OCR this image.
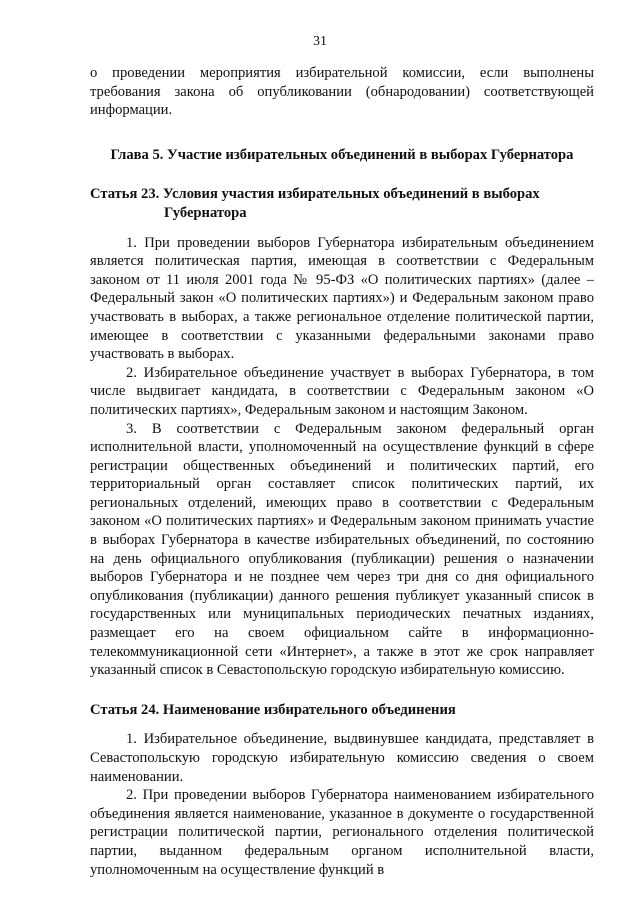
31

о проведении мероприятия избирательной комиссии, если выполнены требования закона об опубликовании (обнародовании) соответствующей информации.

Глава 5. Участие избирательных объединений в выборах Губернатора

Статья 23. Условия участия избирательных объединений в выборах Губернатора

1. При проведении выборов Губернатора избирательным объединением является политическая партия, имеющая в соответствии с Федеральным законом от 11 июля 2001 года № 95-ФЗ «О политических партиях» (далее – Федеральный закон «О политических партиях») и Федеральным законом право участвовать в выборах, а также региональное отделение политической партии, имеющее в соответствии с указанными федеральными законами право участвовать в выборах.

2. Избирательное объединение участвует в выборах Губернатора, в том числе выдвигает кандидата, в соответствии с Федеральным законом «О политических партиях», Федеральным законом и настоящим Законом.

3. В соответствии с Федеральным законом федеральный орган исполнительной власти, уполномоченный на осуществление функций в сфере регистрации общественных объединений и политических партий, его территориальный орган составляет список политических партий, их региональных отделений, имеющих право в соответствии с Федеральным законом «О политических партиях» и Федеральным законом принимать участие в выборах Губернатора в качестве избирательных объединений, по состоянию на день официального опубликования (публикации) решения о назначении выборов Губернатора и не позднее чем через три дня со дня официального опубликования (публикации) данного решения публикует указанный список в государственных или муниципальных периодических печатных изданиях, размещает его на своем официальном сайте в информационно-телекоммуникационной сети «Интернет», а также в этот же срок направляет указанный список в Севастопольскую городскую избирательную комиссию.

Статья 24. Наименование избирательного объединения

1. Избирательное объединение, выдвинувшее кандидата, представляет в Севастопольскую городскую избирательную комиссию сведения о своем наименовании.

2. При проведении выборов Губернатора наименованием избирательного объединения является наименование, указанное в документе о государственной регистрации политической партии, регионального отделения политической партии, выданном федеральным органом исполнительной власти, уполномоченным на осуществление функций в
